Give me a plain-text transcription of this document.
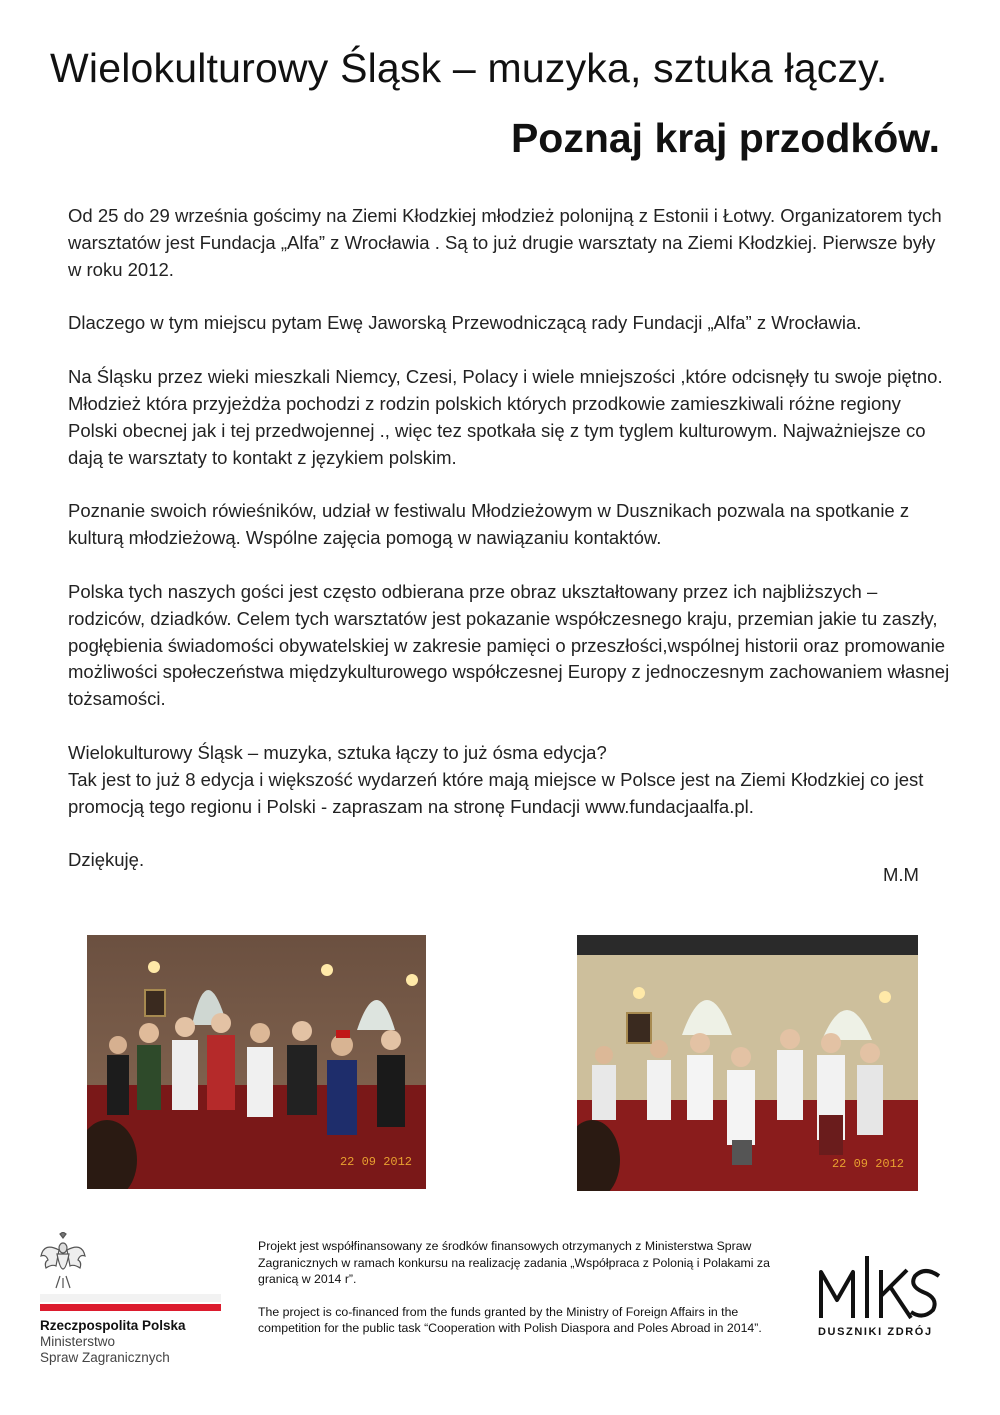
Wielokulturowy Śląsk – muzyka, sztuka łączy.
Poznaj kraj przodków.

Od 25 do 29 września gościmy na Ziemi Kłodzkiej młodzież polonijną z Estonii i Łotwy. Organizatorem tych warsztatów jest Fundacja „Alfa” z Wrocławia . Są to już drugie warsztaty na Ziemi Kłodzkiej. Pierwsze były w roku 2012.

Dlaczego w tym miejscu pytam Ewę Jaworską Przewodniczącą rady Fundacji „Alfa” z Wrocławia.

Na Śląsku przez wieki mieszkali Niemcy, Czesi, Polacy i wiele mniejszości ,które odcisnęły tu swoje piętno. Młodzież która przyjeżdża pochodzi z rodzin polskich których przodkowie zamieszkiwali różne regiony Polski obecnej jak i tej przedwojennej ., więc tez spotkała się z tym tyglem kulturowym. Najważniejsze co dają te warsztaty to kontakt z językiem polskim.

Poznanie swoich rówieśników, udział w festiwalu Młodzieżowym w Dusznikach pozwala na spotkanie z kulturą młodzieżową. Wspólne zajęcia pomogą w nawiązaniu kontaktów.

Polska tych naszych gości jest często odbierana prze obraz ukształtowany przez ich najbliższych – rodziców, dziadków. Celem tych warsztatów jest pokazanie współczesnego kraju, przemian jakie tu zaszły, pogłębienia świadomości obywatelskiej w zakresie pamięci o przeszłości,wspólnej historii oraz promowanie możliwości społeczeństwa międzykulturowego współczesnej Europy z jednoczesnym zachowaniem własnej tożsamości.

Wielokulturowy Śląsk – muzyka, sztuka łączy to już ósma edycja?
Tak jest to już 8 edycja i większość wydarzeń które mają miejsce w Polsce jest na Ziemi Kłodzkiej co jest promocją tego regionu i Polski - zapraszam na stronę Fundacji www.fundacjaalfa.pl.

Dziękuję.

M.M
22 09 2012	22 09 2012
Rzeczpospolita Polska
Ministerstwo
Spraw Zagranicznych

Projekt jest współfinansowany ze środków finansowych otrzymanych z Ministerstwa Spraw Zagranicznych w ramach konkursu na realizację zadania „Współpraca z Polonią i Polakami za granicą w 2014 r”.

The project is co-financed from the funds granted by the Ministry of Foreign Affairs in the competition for the public task “Cooperation with Polish Diaspora and Poles Abroad in 2014”.	DUSZNIKI ZDRÓJ
